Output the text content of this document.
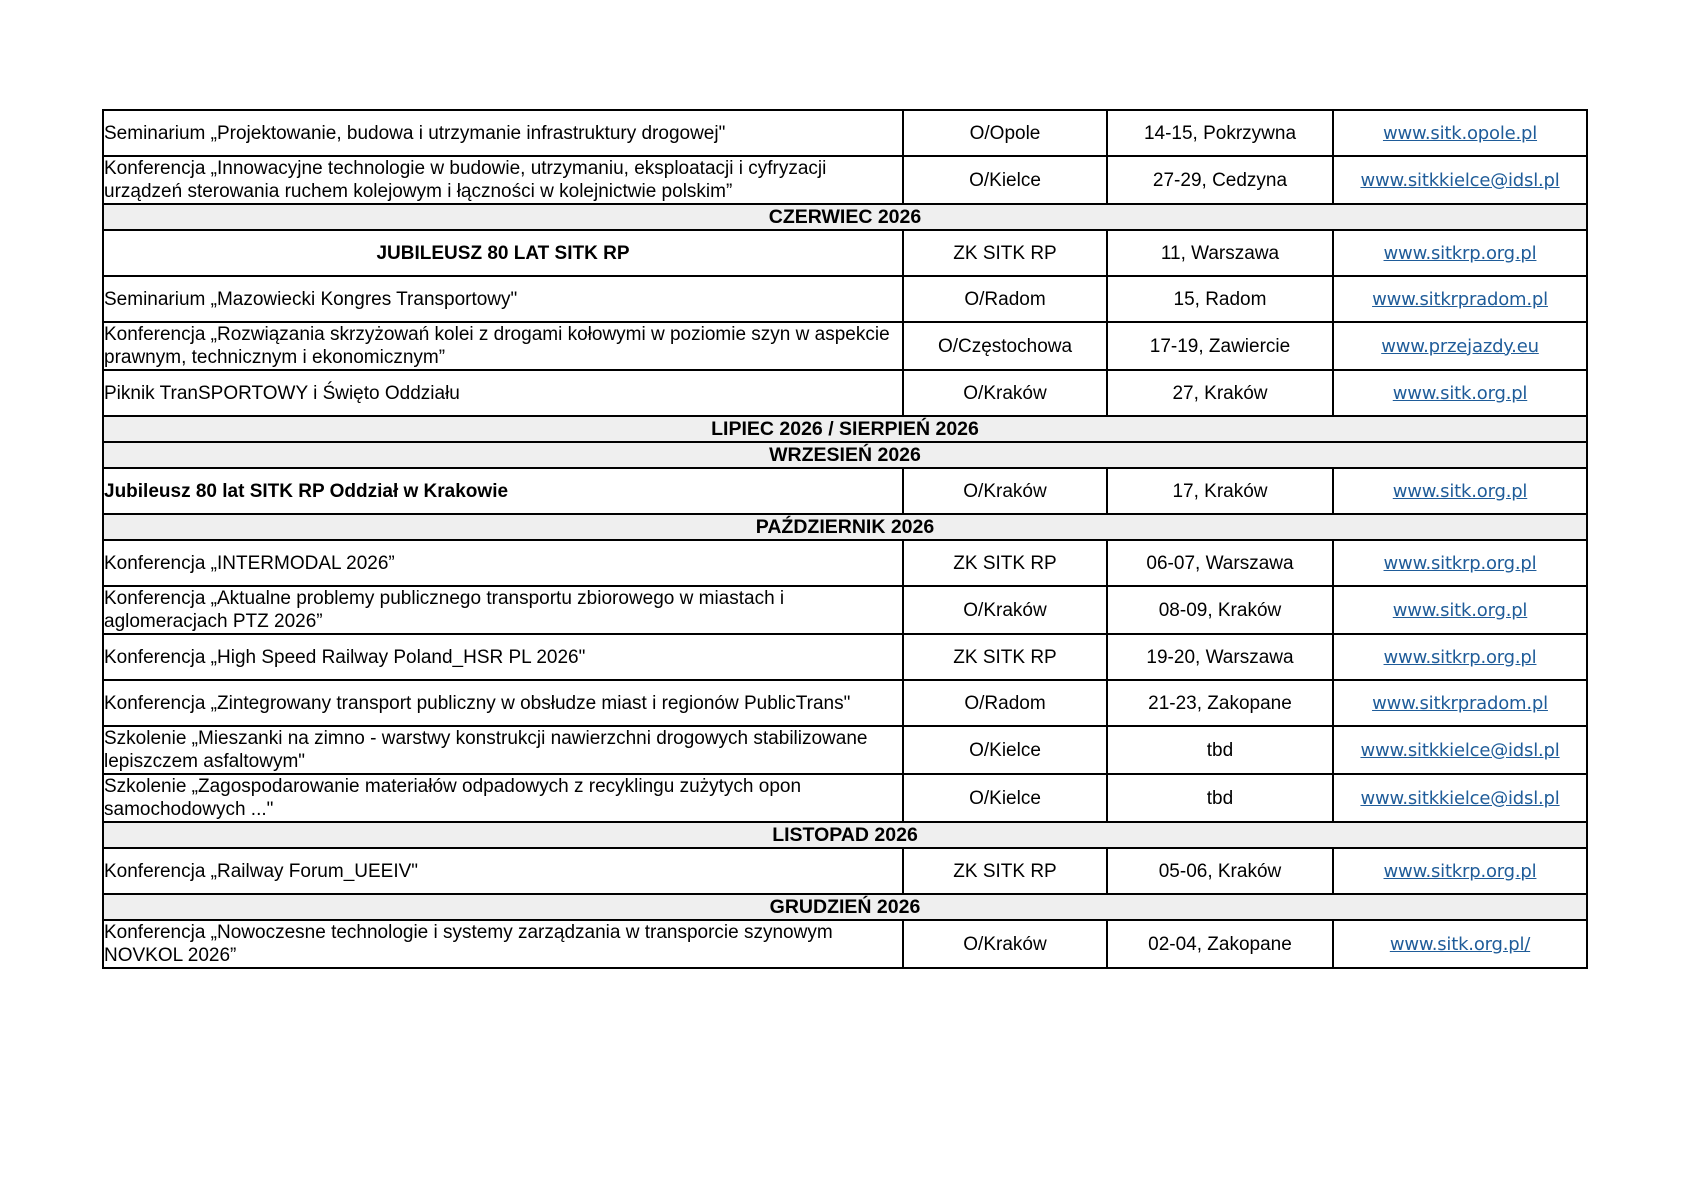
Seminarium „Projektowanie, budowa i utrzymanie infrastruktury drogowej"	O/Opole	14-15, Pokrzywna	www.sitk.opole.pl
Konferencja „Innowacyjne technologie w budowie, utrzymaniu, eksploatacji i cyfryzacji urządzeń sterowania ruchem kolejowym i łączności w kolejnictwie polskim”	O/Kielce	27-29, Cedzyna	www.sitkkielce@idsl.pl
CZERWIEC 2026			
JUBILEUSZ 80 LAT SITK RP	ZK SITK RP	11, Warszawa	www.sitkrp.org.pl
Seminarium „Mazowiecki Kongres Transportowy"	O/Radom	15, Radom	www.sitkrpradom.pl
Konferencja „Rozwiązania skrzyżowań kolei z drogami kołowymi w poziomie szyn w aspekcie prawnym, technicznym i ekonomicznym”	O/Częstochowa	17-19, Zawiercie	www.przejazdy.eu
Piknik TranSPORTOWY i Święto Oddziału	O/Kraków	27, Kraków	www.sitk.org.pl
LIPIEC 2026 / SIERPIEŃ 2026			
WRZESIEŃ 2026			
Jubileusz 80 lat SITK RP Oddział w Krakowie	O/Kraków	17, Kraków	www.sitk.org.pl
PAŹDZIERNIK 2026			
Konferencja „INTERMODAL 2026”	ZK SITK RP	06-07, Warszawa	www.sitkrp.org.pl
Konferencja „Aktualne problemy publicznego transportu zbiorowego w miastach i aglomeracjach PTZ 2026”	O/Kraków	08-09, Kraków	www.sitk.org.pl
Konferencja „High Speed Railway Poland_HSR PL 2026"	ZK SITK RP	19-20, Warszawa	www.sitkrp.org.pl
Konferencja „Zintegrowany transport publiczny w obsłudze miast i regionów PublicTrans"	O/Radom	21-23, Zakopane	www.sitkrpradom.pl
Szkolenie „Mieszanki na zimno - warstwy konstrukcji nawierzchni drogowych stabilizowane lepiszczem asfaltowym"	O/Kielce	tbd	www.sitkkielce@idsl.pl
Szkolenie „Zagospodarowanie materiałów odpadowych z recyklingu zużytych opon samochodowych ..."	O/Kielce	tbd	www.sitkkielce@idsl.pl
LISTOPAD 2026			
Konferencja „Railway Forum_UEEIV"	ZK SITK RP	05-06, Kraków	www.sitkrp.org.pl
GRUDZIEŃ 2026			
Konferencja „Nowoczesne technologie i systemy zarządzania w transporcie szynowym NOVKOL 2026”	O/Kraków	02-04, Zakopane	www.sitk.org.pl/
